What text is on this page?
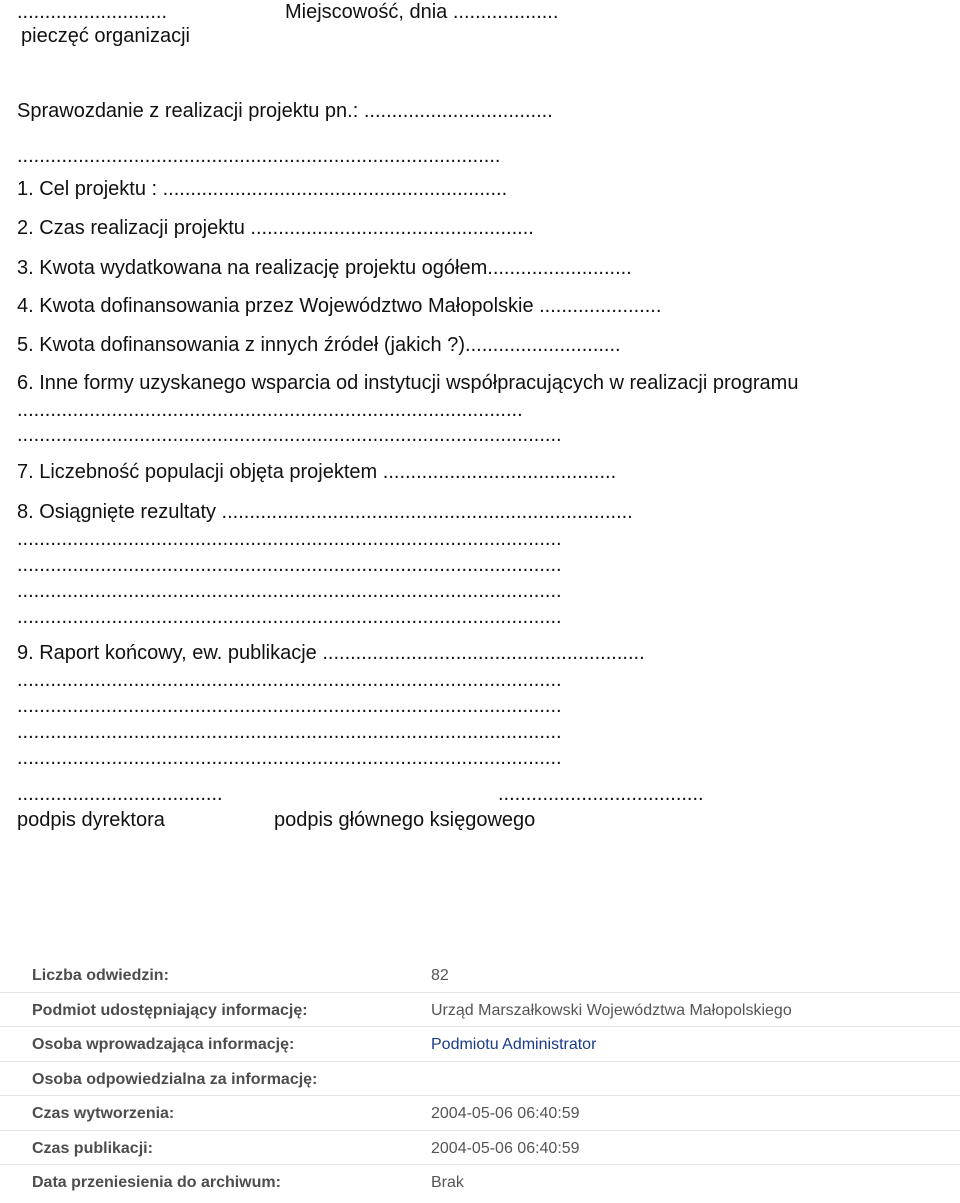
...........................	Miejscowość, dnia ...................
pieczęć organizacji
Sprawozdanie z realizacji projektu pn.: ..................................
.......................................................................................
1. Cel projektu : ..............................................................
2. Czas realizacji projektu ...................................................
3. Kwota wydatkowana na realizację projektu ogółem..........................
4. Kwota dofinansowania przez Województwo Małopolskie ......................
5. Kwota dofinansowania z innych źródeł (jakich ?)............................
6. Inne formy uzyskanego wsparcia od instytucji współpracujących w realizacji programu
...........................................................................................
..................................................................................................
7. Liczebność populacji objęta projektem ..........................................
8. Osiągnięte rezultaty ..........................................................................
..................................................................................................
..................................................................................................
..................................................................................................
..................................................................................................
9. Raport końcowy, ew. publikacje ..........................................................
..................................................................................................
..................................................................................................
..................................................................................................
..................................................................................................
.....................................	.....................................
podpis dyrektora	podpis głównego księgowego
Liczba odwiedzin:	82
Podmiot udostępniający informację:	Urząd Marszałkowski Województwa Małopolskiego
Osoba wprowadzająca informację:	Podmiotu Administrator
Osoba odpowiedzialna za informację:
Czas wytworzenia:	2004-05-06 06:40:59
Czas publikacji:	2004-05-06 06:40:59
Data przeniesienia do archiwum:	Brak
